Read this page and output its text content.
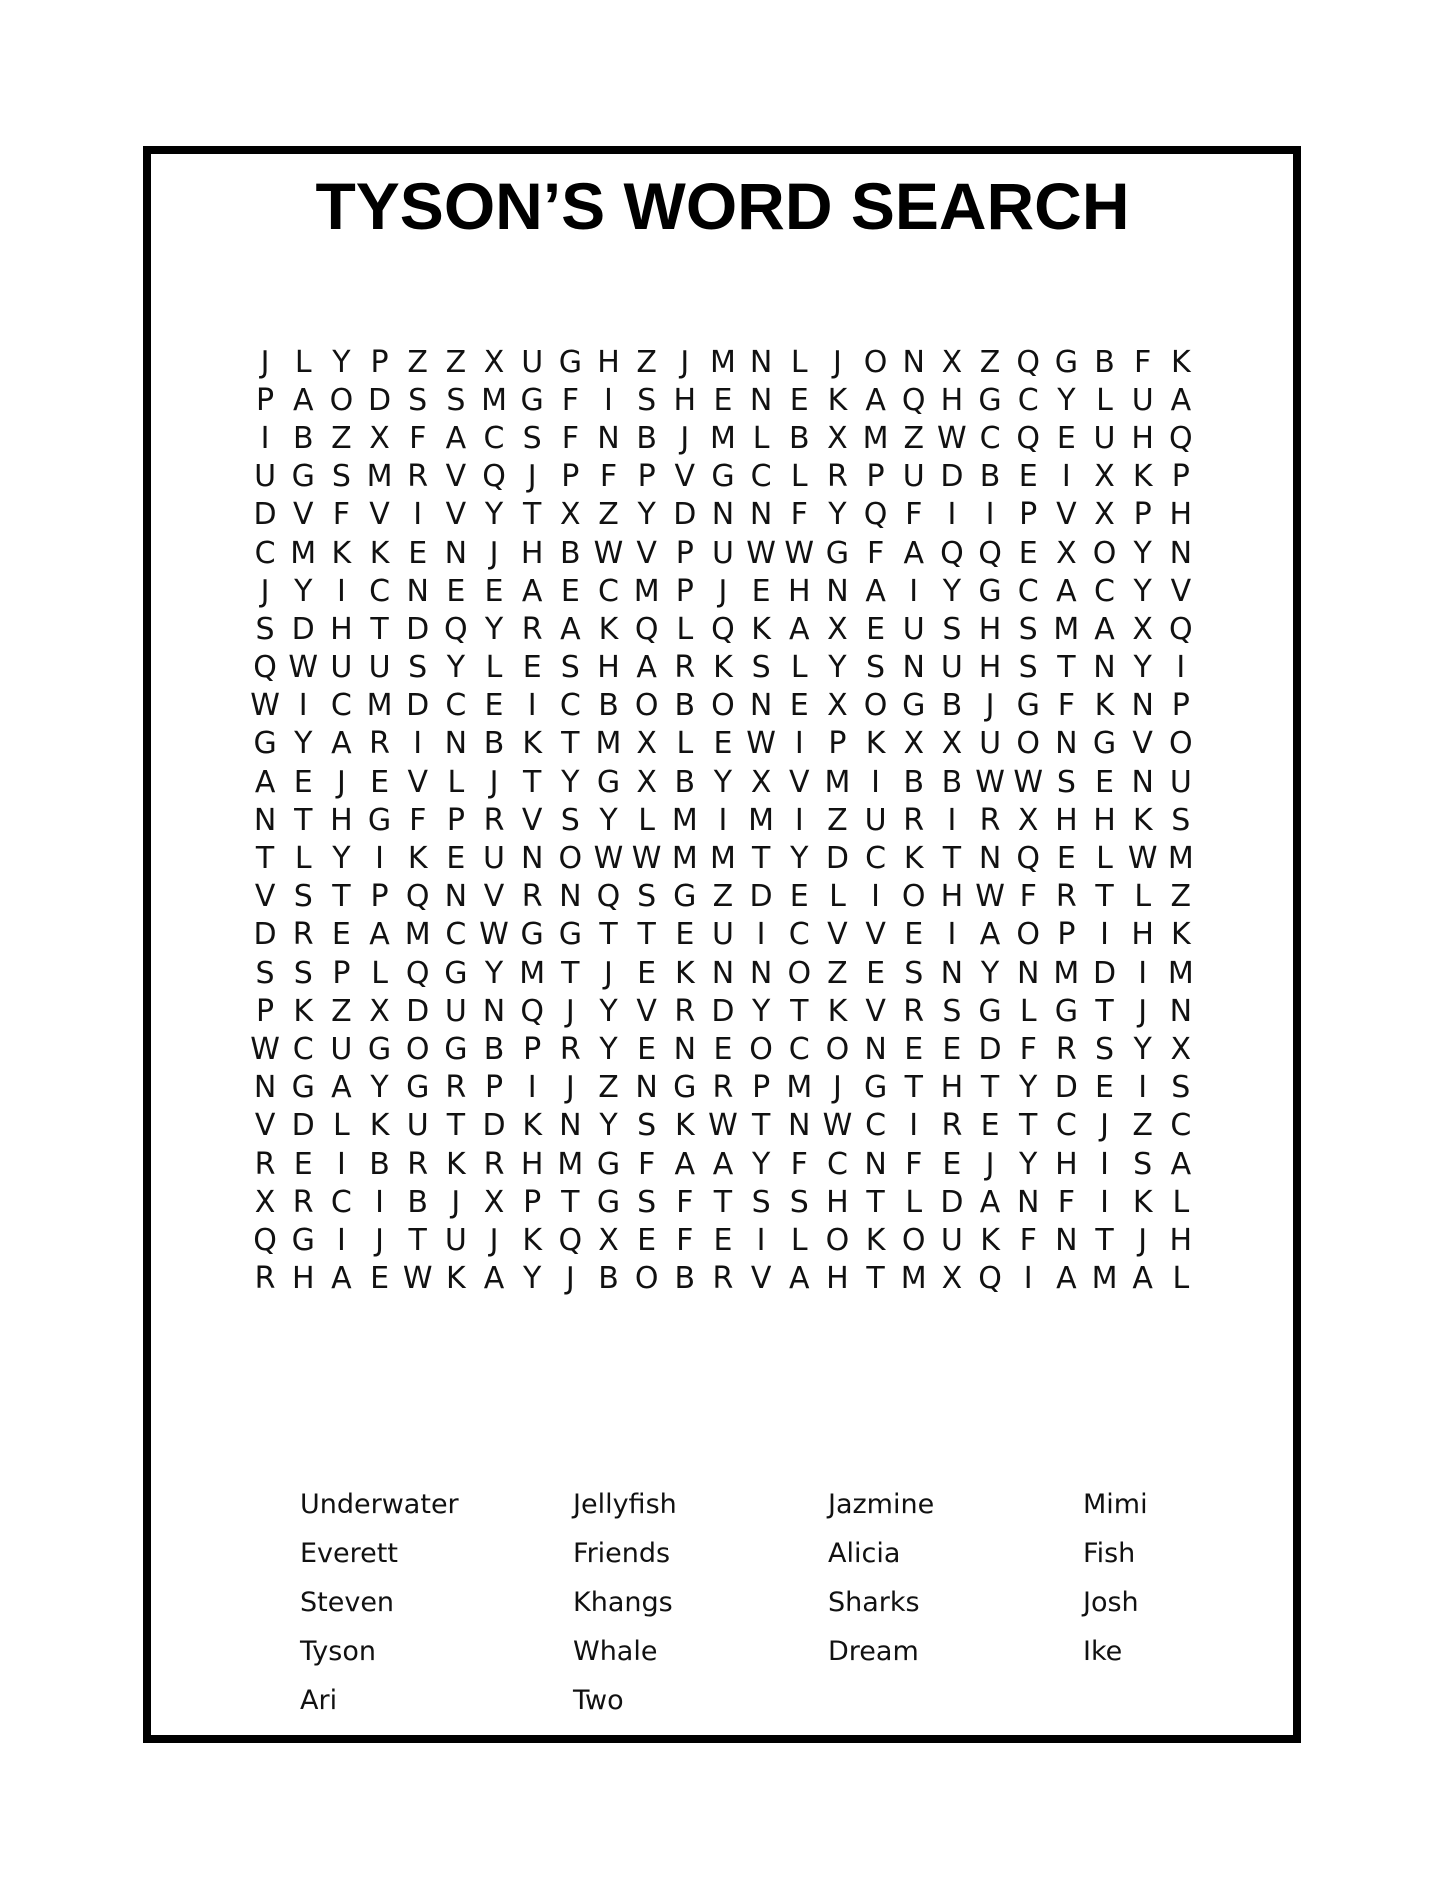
TYSON’S WORD SEARCH
J L Y P Z Z X U G H Z J M N L J O N X Z Q G B F K
P A O D S S M G F I S H E N E K A Q H G C Y L U A
I B Z X F A C S F N B J M L B X M Z W C Q E U H Q
U G S M R V Q J P F P V G C L R P U D B E I X K P
D V F V I V Y T X Z Y D N N F Y Q F I I P V X P H
C M K K E N J H B W V P U W W G F A Q Q E X O Y N
J Y I C N E E A E C M P J E H N A I Y G C A C Y V
S D H T D Q Y R A K Q L Q K A X E U S H S M A X Q
Q W U U S Y L E S H A R K S L Y S N U H S T N Y I
W I C M D C E I C B O B O N E X O G B J G F K N P
G Y A R I N B K T M X L E W I P K X X U O N G V O
A E J E V L J T Y G X B Y X V M I B B W W S E N U
N T H G F P R V S Y L M I M I Z U R I R X H H K S
T L Y I K E U N O W W M M T Y D C K T N Q E L W M
V S T P Q N V R N Q S G Z D E L I O H W F R T L Z
D R E A M C W G G T T E U I C V V E I A O P I H K
S S P L Q G Y M T J E K N N O Z E S N Y N M D I M
P K Z X D U N Q J Y V R D Y T K V R S G L G T J N
W C U G O G B P R Y E N E O C O N E E D F R S Y X
N G A Y G R P I J Z N G R P M J G T H T Y D E I S
V D L K U T D K N Y S K W T N W C I R E T C J Z C
R E I B R K R H M G F A A Y F C N F E J Y H I S A
X R C I B J X P T G S F T S S H T L D A N F I K L
Q G I J T U J K Q X E F E I L O K O U K F N T J H
R H A E W K A Y J B O B R V A H T M X Q I A M A L
Underwater
Everett
Steven
Tyson
Ari
Jellyfish
Friends
Khangs
Whale
Two
Jazmine
Alicia
Sharks
Dream
Mimi
Fish
Josh
Ike
